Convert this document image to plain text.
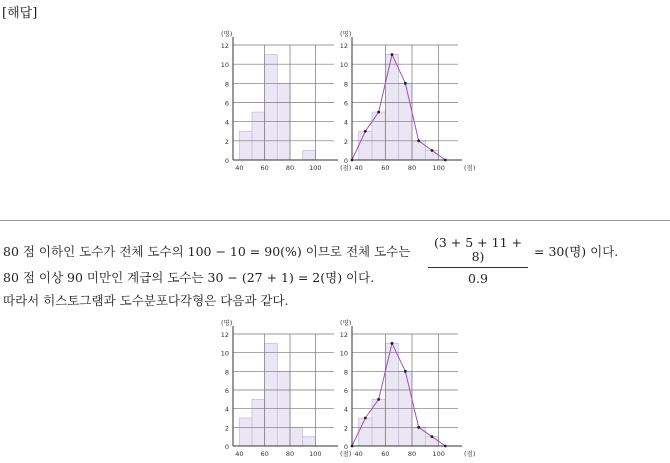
[해답]
0
2
4
6
8
10
12
40	60	80 100
(명)
(점)
0
2
4
6
8
10
12
40	60	80	100
(명)
(점)
80 점 이하인 도수가 전체 도수의 100 − 10 = 90(%) 이므로 전체 도수는 $\frac{(3 + 5 + 11 + 8)}{0.9} = 30$(명) 이다.
80 점 이상 90 미만인 계급의 도수는 30 − (27 + 1) = 2(명) 이다.
따라서 히스토그램과 도수분포다각형은 다음과 같다.
0
2
4
6
8
10
12
40	60	80 100
(명)
(점)
0
2
4
6
8
10
12
40	60	80	100
(명)
(점)
